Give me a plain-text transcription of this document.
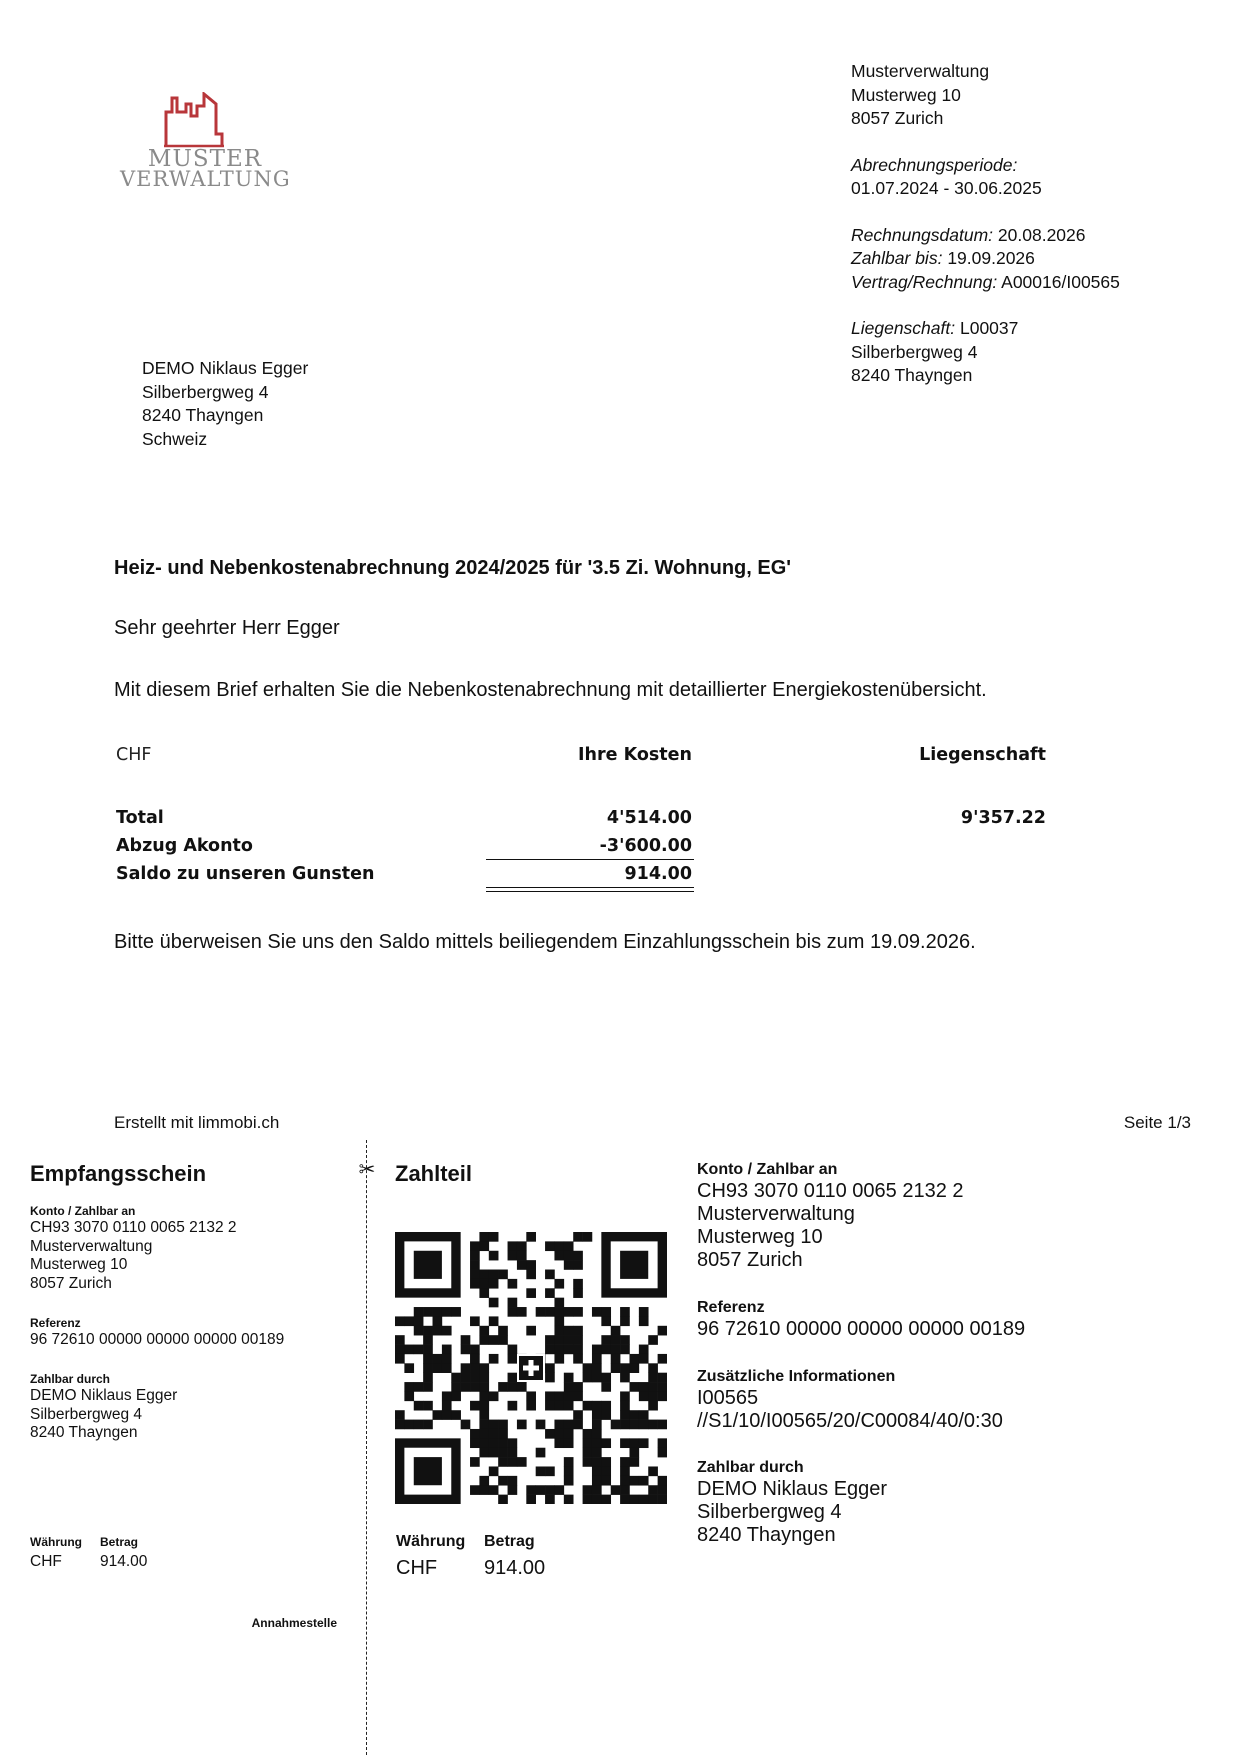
MUSTER
VERWALTUNG
Musterverwaltung
Musterweg 10
8057 Zurich
Abrechnungsperiode:
01.07.2024 - 30.06.2025
Rechnungsdatum: 20.08.2026
Zahlbar bis: 19.09.2026
Vertrag/Rechnung: A00016/I00565
Liegenschaft: L00037
Silberbergweg 4
8240 Thayngen
DEMO Niklaus Egger
Silberbergweg 4
8240 Thayngen
Schweiz
Heiz- und Nebenkostenabrechnung 2024/2025 für '3.5 Zi. Wohnung, EG'
Sehr geehrter Herr Egger
Mit diesem Brief erhalten Sie die Nebenkostenabrechnung mit detaillierter Energiekostenübersicht.
CHF	Ihre Kosten	Liegenschaft
Total	4'514.00	9'357.22
Abzug Akonto	-3'600.00
Saldo zu unseren Gunsten	914.00
Bitte überweisen Sie uns den Saldo mittels beiliegendem Einzahlungsschein bis zum 19.09.2026.
Erstellt mit limmobi.ch	Seite 1/3
✂
Empfangsschein
Konto / Zahlbar an
CH93 3070 0110 0065 2132 2
Musterverwaltung
Musterweg 10
8057 Zurich
Referenz
96 72610 00000 00000 00000 00189
Zahlbar durch
DEMO Niklaus Egger
Silberbergweg 4
8240 Thayngen
Währung Betrag
CHF 914.00
Annahmestelle
Zahlteil
Währung Betrag
CHF 914.00
Konto / Zahlbar an
CH93 3070 0110 0065 2132 2
Musterverwaltung
Musterweg 10
8057 Zurich
Referenz
96 72610 00000 00000 00000 00189
Zusätzliche Informationen
I00565
//S1/10/I00565/20/C00084/40/0:30
Zahlbar durch
DEMO Niklaus Egger
Silberbergweg 4
8240 Thayngen
